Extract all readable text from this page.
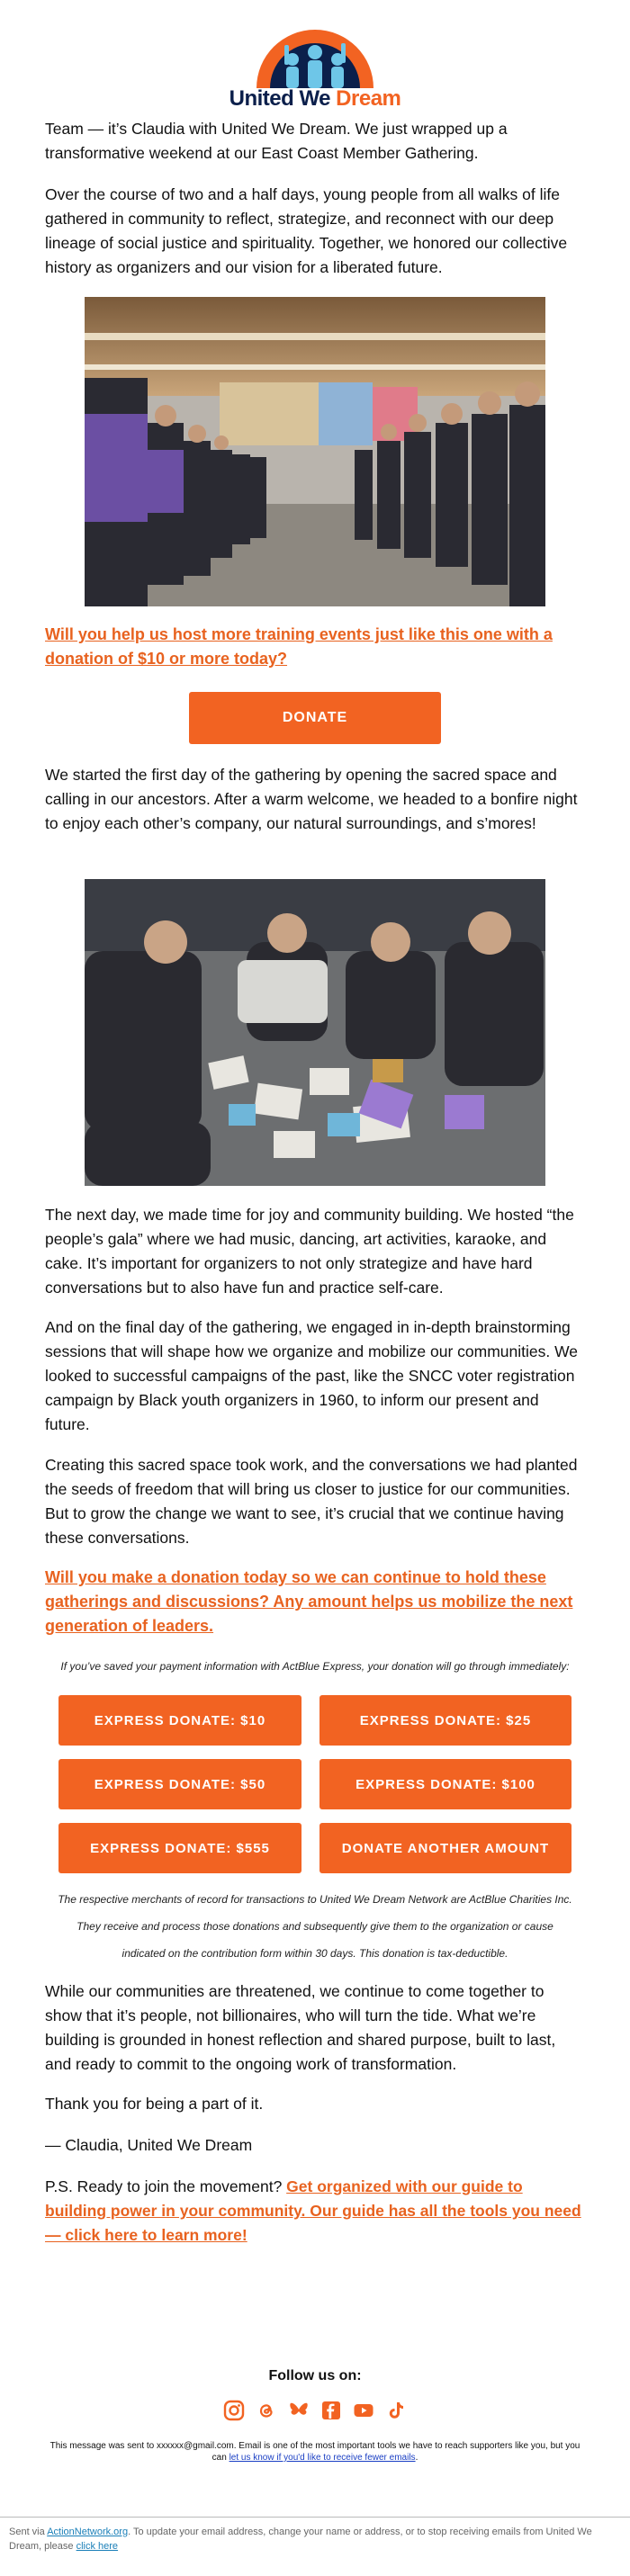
United We Dream

Team — it’s Claudia with United We Dream. We just wrapped up a transformative weekend at our East Coast Member Gathering.

Over the course of two and a half days, young people from all walks of life gathered in community to reflect, strategize, and reconnect with our deep lineage of social justice and spirituality. Together, we honored our collective history as organizers and our vision for a liberated future.

Will you help us host more training events just like this one with a donation of $10 or more today?
DONATE

We started the first day of the gathering by opening the sacred space and calling in our ancestors. After a warm welcome, we headed to a bonfire night to enjoy each other’s company, our natural surroundings, and s’mores!

The next day, we made time for joy and community building. We hosted “the people’s gala” where we had music, dancing, art activities, karaoke, and cake. It’s important for organizers to not only strategize and have hard conversations but to also have fun and practice self-care.

And on the final day of the gathering, we engaged in in-depth brainstorming sessions that will shape how we organize and mobilize our communities. We looked to successful campaigns of the past, like the SNCC voter registration campaign by Black youth organizers in 1960, to inform our present and future.

Creating this sacred space took work, and the conversations we had planted the seeds of freedom that will bring us closer to justice for our communities. But to grow the change we want to see, it’s crucial that we continue having these conversations.

Will you make a donation today so we can continue to hold these gatherings and discussions? Any amount helps us mobilize the next generation of leaders.
If you’ve saved your payment information with ActBlue Express, your donation will go through immediately:
EXPRESS DONATE: $10	EXPRESS DONATE: $25
EXPRESS DONATE: $50	EXPRESS DONATE: $100
EXPRESS DONATE: $555	DONATE ANOTHER AMOUNT
The respective merchants of record for transactions to United We Dream Network are ActBlue Charities Inc. They receive and process those donations and subsequently give them to the organization or cause indicated on the contribution form within 30 days. This donation is tax-deductible.

While our communities are threatened, we continue to come together to show that it’s people, not billionaires, who will turn the tide. What we’re building is grounded in honest reflection and shared purpose, built to last, and ready to commit to the ongoing work of transformation.

Thank you for being a part of it.

— Claudia, United We Dream

P.S. Ready to join the movement? Get organized with our guide to building power in your community. Our guide has all the tools you need — click here to learn more!

Follow us on:
This message was sent to xxxxxx@gmail.com. Email is one of the most important tools we have to reach supporters like you, but you can let us know if you'd like to receive fewer emails.
Sent via ActionNetwork.org. To update your email address, change your name or address, or to stop receiving emails from United We Dream, please click here
